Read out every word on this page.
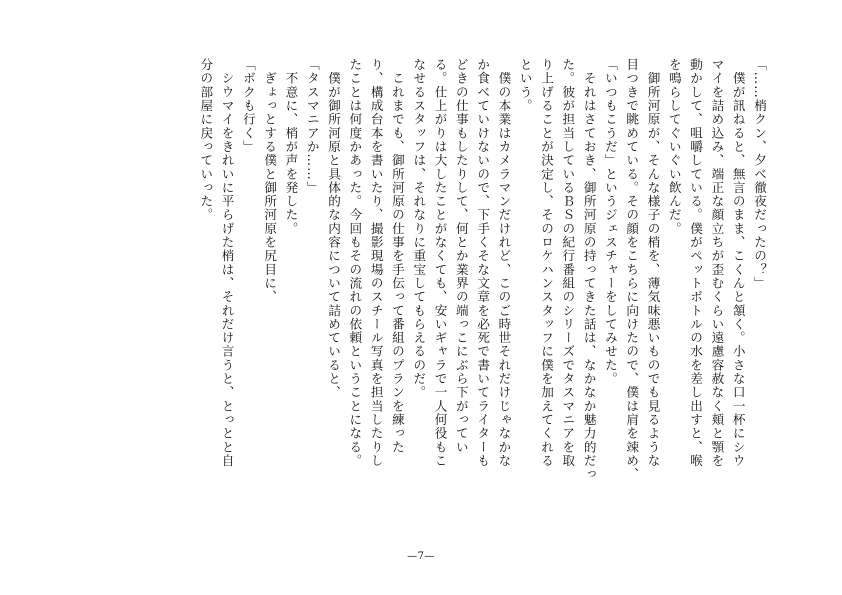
「……梢クン、夕べ徹夜だったの？」
　僕が訊ねると、無言のまま、こくんと頷く。小さな口一杯にシウ
マイを詰め込み、端正な顔立ちが歪むくらい遠慮容赦なく頬と顎を
動かして、咀嚼している。僕がペットボトルの水を差し出すと、喉
を鳴らしてぐいぐい飲んだ。
　御所河原が、そんな様子の梢を、薄気味悪いものでも見るような
目つきで眺めている。その顔をこちらに向けたので、僕は肩を竦め、
「いつもこうだ」というジェスチャーをしてみせた。
　それはさておき、御所河原の持ってきた話は、なかなか魅力的だっ
た。彼が担当しているＢＳの紀行番組のシリーズでタスマニアを取
り上げることが決定し、そのロケハンスタッフに僕を加えてくれる
という。
　僕の本業はカメラマンだけれど、このご時世それだけじゃなかな
か食べていけないので、下手くそな文章を必死で書いてライターも
どきの仕事もしたりして、何とか業界の端っこにぶら下がってい
る。仕上がりは大したことがなくても、安いギャラで一人何役もこ
なせるスタッフは、それなりに重宝してもらえるのだ。
　これまでも、御所河原の仕事を手伝って番組のプランを練った
り、構成台本を書いたり、撮影現場のスチール写真を担当したりし
たことは何度かあった。今回もその流れの依頼ということになる。
　僕が御所河原と具体的な内容について詰めていると、
「タスマニアか……」
　不意に、梢が声を発した。
　ぎょっとする僕と御所河原を尻目に、
「ボクも行く」
　シウマイをきれいに平らげた梢は、それだけ言うと、とっとと自
分の部屋に戻っていった。
—7—
